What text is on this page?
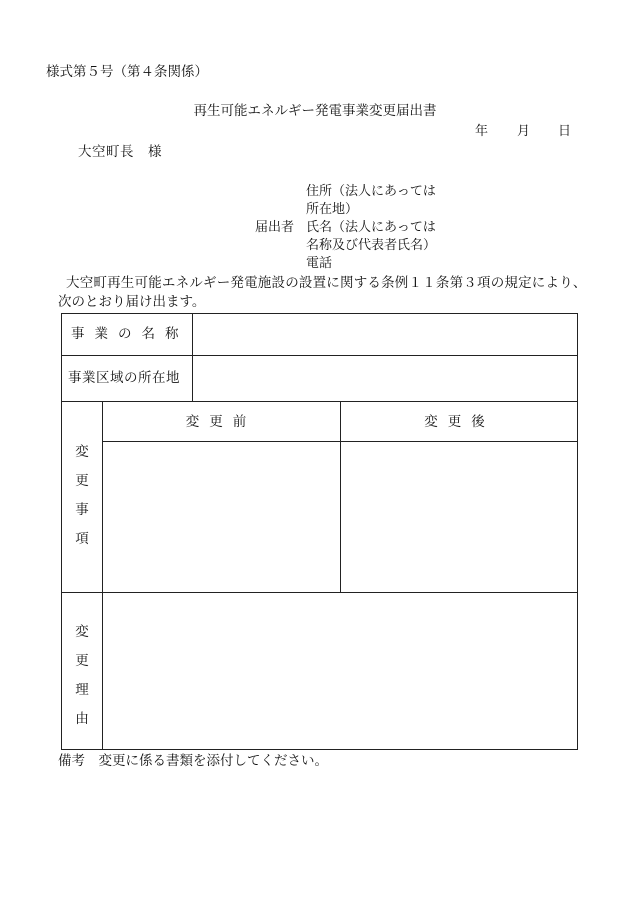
様式第５号（第４条関係）
再生可能エネルギー発電事業変更届出書
年 月 日
大空町長　様
届出者
住所（法人にあっては
所在地）
氏名（法人にあっては
名称及び代表者氏名）
電話
大空町再生可能エネルギー発電施設の設置に関する条例１１条第３項の規定により、
次のとおり届け出ます。
事業の名称
事業区域の所在地
変更前	変更後
変
更
事
項
変
更
理
由
備考　変更に係る書類を添付してください。
